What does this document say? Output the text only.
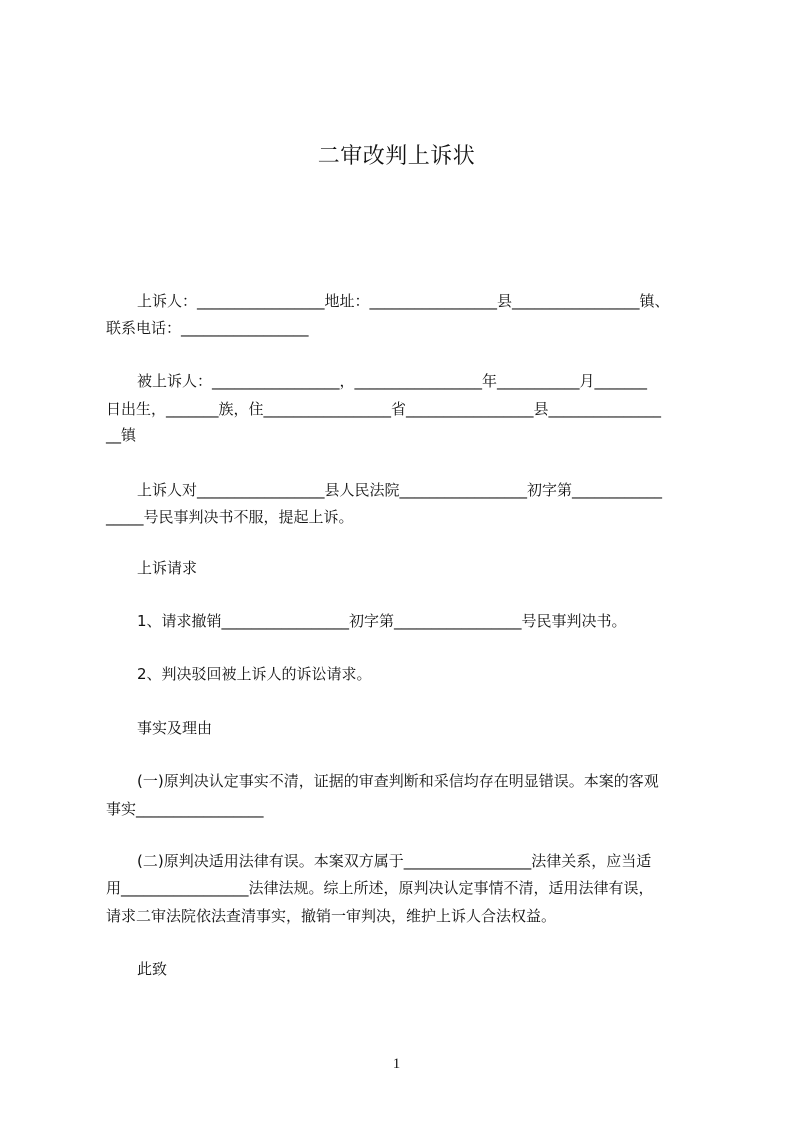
二审改判上诉状
上诉人：_________________地址：_________________县_________________镇、
联系电话：_________________
被上诉人：_________________，_________________年___________月_______
日出生，_______族，住_________________省_________________县_______________
__镇
上诉人对_________________县人民法院_________________初字第____________
_____号民事判决书不服，提起上诉。
上诉请求
1、请求撤销_________________初字第_________________号民事判决书。
2、判决驳回被上诉人的诉讼请求。
事实及理由
(一)原判决认定事实不清，证据的审查判断和采信均存在明显错误。本案的客观
事实_________________
(二)原判决适用法律有误。本案双方属于_________________法律关系，应当适
用_________________法律法规。综上所述，原判决认定事情不清，适用法律有误，
请求二审法院依法查清事实，撤销一审判决，维护上诉人合法权益。
此致
1
